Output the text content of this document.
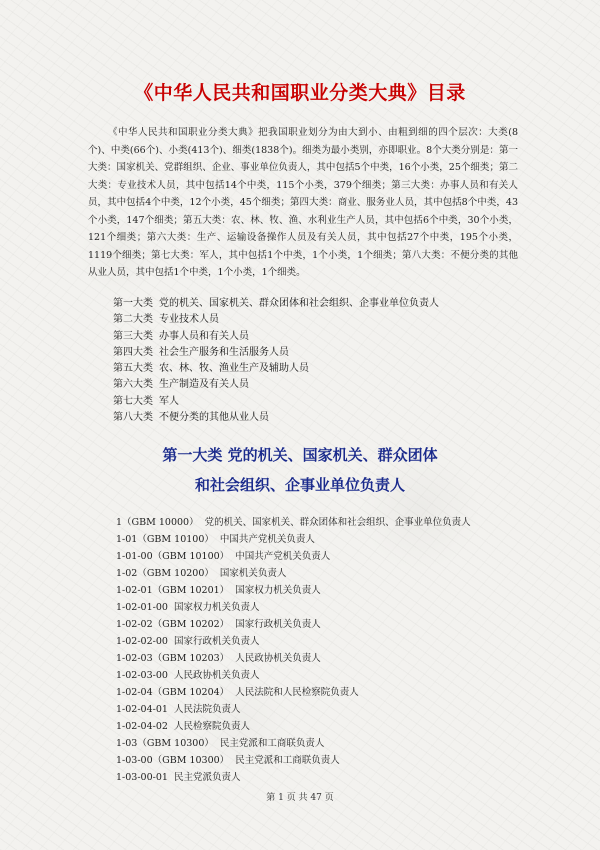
《中华人民共和国职业分类大典》目录
《中华人民共和国职业分类大典》把我国职业划分为由大到小、由粗到细的四个层次：大类(8个)、中类(66个)、小类(413个)、细类(1838个)。细类为最小类别，亦即职业。8个大类分别是：第一大类：国家机关、党群组织、企业、事业单位负责人，其中包括5个中类，16个小类，25个细类；第二大类：专业技术人员，其中包括14个中类，115个小类，379个细类；第三大类：办事人员和有关人员，其中包括4个中类，12个小类，45个细类；第四大类：商业、服务业人员，其中包括8个中类，43个小类，147个细类；第五大类：农、林、牧、渔、水利业生产人员，其中包括6个中类，30个小类，121个细类；第六大类：生产、运输设备操作人员及有关人员，其中包括27个中类，195个小类，1119个细类；第七大类：军人，其中包括1个中类，1个小类，1个细类；第八大类：不便分类的其他从业人员，其中包括1个中类，1个小类，1个细类。
第一大类 党的机关、国家机关、群众团体和社会组织、企事业单位负责人
第二大类 专业技术人员
第三大类 办事人员和有关人员
第四大类 社会生产服务和生活服务人员
第五大类 农、林、牧、渔业生产及辅助人员
第六大类 生产制造及有关人员
第七大类 军人
第八大类 不便分类的其他从业人员
第一大类 党的机关、国家机关、群众团体
和社会组织、企事业单位负责人
1（GBM 10000） 党的机关、国家机关、群众团体和社会组织、企事业单位负责人
1-01（GBM 10100） 中国共产党机关负责人
1-01-00（GBM 10100） 中国共产党机关负责人
1-02（GBM 10200） 国家机关负责人
1-02-01（GBM 10201） 国家权力机关负责人
1-02-01-00 国家权力机关负责人
1-02-02（GBM 10202） 国家行政机关负责人
1-02-02-00 国家行政机关负责人
1-02-03（GBM 10203） 人民政协机关负责人
1-02-03-00 人民政协机关负责人
1-02-04（GBM 10204） 人民法院和人民检察院负责人
1-02-04-01 人民法院负责人
1-02-04-02 人民检察院负责人
1-03（GBM 10300） 民主党派和工商联负责人
1-03-00（GBM 10300） 民主党派和工商联负责人
1-03-00-01 民主党派负责人
第 1 页 共 47 页
